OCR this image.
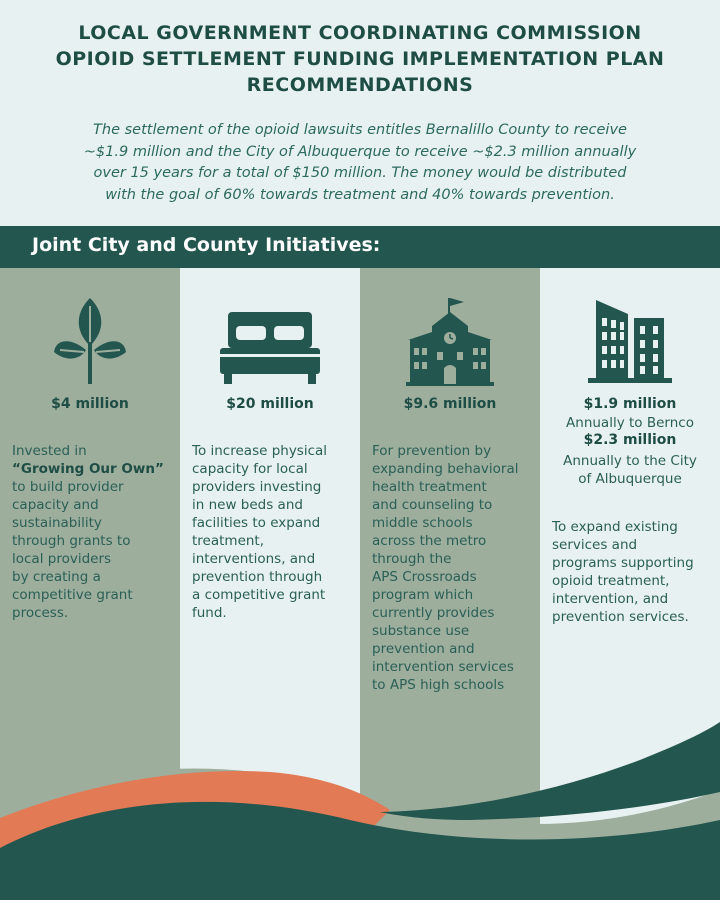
LOCAL GOVERNMENT COORDINATING COMMISSION
OPIOID SETTLEMENT FUNDING IMPLEMENTATION PLAN
RECOMMENDATIONS
The settlement of the opioid lawsuits entitles Bernalillo County to receive
~$1.9 million and the City of Albuquerque to receive ~$2.3 million annually
over 15 years for a total of $150 million. The money would be distributed
with the goal of 60% towards treatment and 40% towards prevention.
Joint City and County Initiatives:
$4 million
Invested in
“Growing Our Own”
to build provider
capacity and
sustainability
through grants to
local providers
by creating a
competitive grant
process.
$20 million
To increase physical
capacity for local
providers investing
in new beds and
facilities to expand
treatment,
interventions, and
prevention through
a competitive grant
fund.
$9.6 million
For prevention by
expanding behavioral
health treatment
and counseling to
middle schools
across the metro
through the
APS Crossroads
program which
currently provides
substance use
prevention and
intervention services
to APS high schools
$1.9 million
Annually to Bernco
$2.3 million
Annually to the City
of Albuquerque
To expand existing
services and
programs supporting
opioid treatment,
intervention, and
prevention services.
